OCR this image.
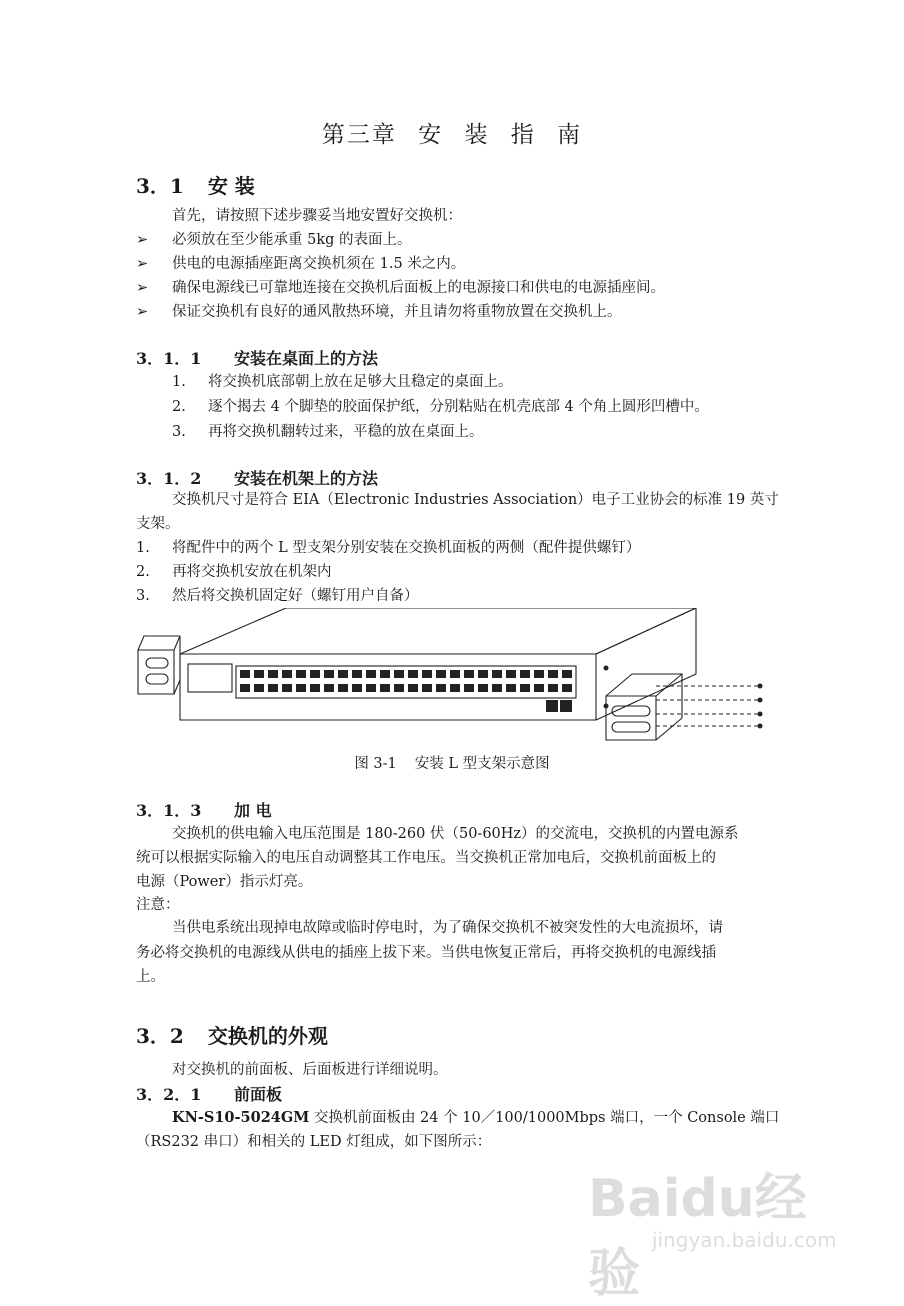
第三章 安 装 指 南
3．1 安 装
首先，请按照下述步骤妥当地安置好交换机：
➢ 必须放在至少能承重 5kg 的表面上。
➢ 供电的电源插座距离交换机须在 1.5 米之内。
➢ 确保电源线已可靠地连接在交换机后面板上的电源接口和供电的电源插座间。
➢ 保证交换机有良好的通风散热环境，并且请勿将重物放置在交换机上。
3．1．1 安装在桌面上的方法
1. 将交换机底部朝上放在足够大且稳定的桌面上。
2. 逐个揭去 4 个脚垫的胶面保护纸，分别粘贴在机壳底部 4 个角上圆形凹槽中。
3. 再将交换机翻转过来，平稳的放在桌面上。
3．1．2 安装在机架上的方法
交换机尺寸是符合 EIA（Electronic Industries Association）电子工业协会的标准 19 英寸
支架。
1. 将配件中的两个 L 型支架分别安装在交换机面板的两侧（配件提供螺钉）
2. 再将交换机安放在机架内
3. 然后将交换机固定好（螺钉用户自备）
图 3-1 安装 L 型支架示意图
3．1．3 加 电
交换机的供电输入电压范围是 180-260 伏（50-60Hz）的交流电，交换机的内置电源系
统可以根据实际输入的电压自动调整其工作电压。当交换机正常加电后，交换机前面板上的
电源（Power）指示灯亮。
注意：
当供电系统出现掉电故障或临时停电时，为了确保交换机不被突发性的大电流损坏，请
务必将交换机的电源线从供电的插座上拔下来。当供电恢复正常后，再将交换机的电源线插
上。
3．2 交换机的外观
对交换机的前面板、后面板进行详细说明。
3．2．1 前面板
KN-S10-5024GM 交换机前面板由 24 个 10／100/1000Mbps 端口，一个 Console 端口
（RS232 串口）和相关的 LED 灯组成，如下图所示：
Baidu经验
jingyan.baidu.com
